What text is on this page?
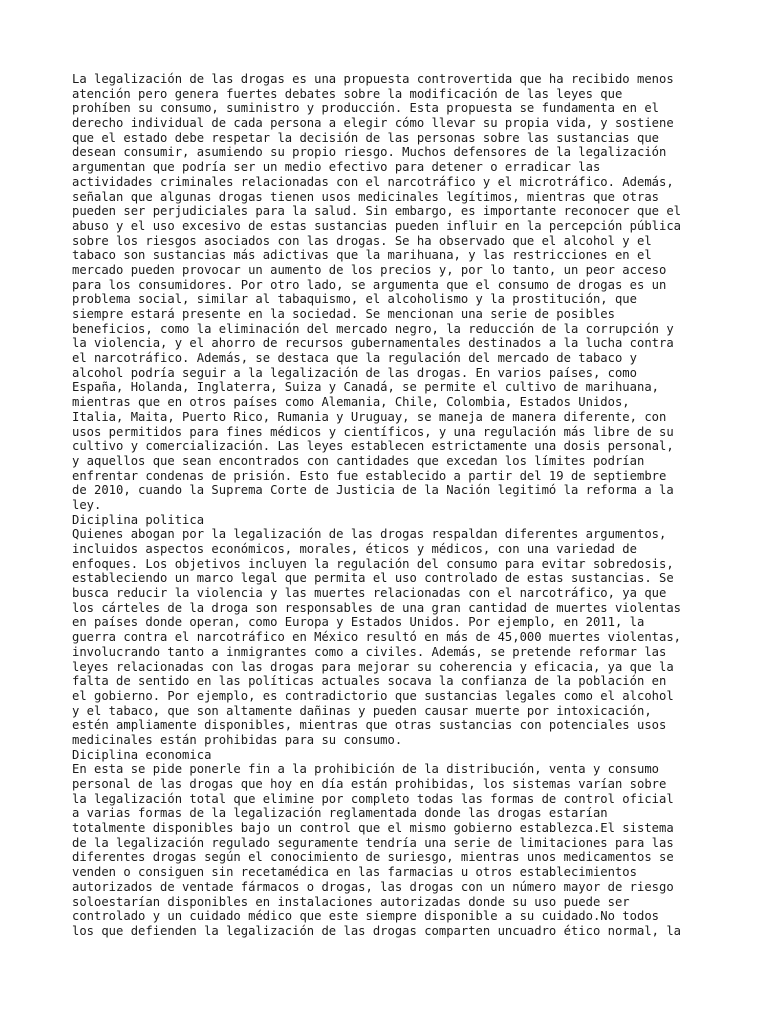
La legalización de las drogas es una propuesta controvertida que ha recibido menos
atención pero genera fuertes debates sobre la modificación de las leyes que
prohíben su consumo, suministro y producción. Esta propuesta se fundamenta en el
derecho individual de cada persona a elegir cómo llevar su propia vida, y sostiene
que el estado debe respetar la decisión de las personas sobre las sustancias que
desean consumir, asumiendo su propio riesgo. Muchos defensores de la legalización
argumentan que podría ser un medio efectivo para detener o erradicar las
actividades criminales relacionadas con el narcotráfico y el microtráfico. Además,
señalan que algunas drogas tienen usos medicinales legítimos, mientras que otras
pueden ser perjudiciales para la salud. Sin embargo, es importante reconocer que el
abuso y el uso excesivo de estas sustancias pueden influir en la percepción pública
sobre los riesgos asociados con las drogas. Se ha observado que el alcohol y el
tabaco son sustancias más adictivas que la marihuana, y las restricciones en el
mercado pueden provocar un aumento de los precios y, por lo tanto, un peor acceso
para los consumidores. Por otro lado, se argumenta que el consumo de drogas es un
problema social, similar al tabaquismo, el alcoholismo y la prostitución, que
siempre estará presente en la sociedad. Se mencionan una serie de posibles
beneficios, como la eliminación del mercado negro, la reducción de la corrupción y
la violencia, y el ahorro de recursos gubernamentales destinados a la lucha contra
el narcotráfico. Además, se destaca que la regulación del mercado de tabaco y
alcohol podría seguir a la legalización de las drogas. En varios países, como
España, Holanda, Inglaterra, Suiza y Canadá, se permite el cultivo de marihuana,
mientras que en otros países como Alemania, Chile, Colombia, Estados Unidos,
Italia, Maita, Puerto Rico, Rumania y Uruguay, se maneja de manera diferente, con
usos permitidos para fines médicos y científicos, y una regulación más libre de su
cultivo y comercialización. Las leyes establecen estrictamente una dosis personal,
y aquellos que sean encontrados con cantidades que excedan los límites podrían
enfrentar condenas de prisión. Esto fue establecido a partir del 19 de septiembre
de 2010, cuando la Suprema Corte de Justicia de la Nación legitimó la reforma a la
ley.
Diciplina politica
Quienes abogan por la legalización de las drogas respaldan diferentes argumentos,
incluidos aspectos económicos, morales, éticos y médicos, con una variedad de
enfoques. Los objetivos incluyen la regulación del consumo para evitar sobredosis,
estableciendo un marco legal que permita el uso controlado de estas sustancias. Se
busca reducir la violencia y las muertes relacionadas con el narcotráfico, ya que
los cárteles de la droga son responsables de una gran cantidad de muertes violentas
en países donde operan, como Europa y Estados Unidos. Por ejemplo, en 2011, la
guerra contra el narcotráfico en México resultó en más de 45,000 muertes violentas,
involucrando tanto a inmigrantes como a civiles. Además, se pretende reformar las
leyes relacionadas con las drogas para mejorar su coherencia y eficacia, ya que la
falta de sentido en las políticas actuales socava la confianza de la población en
el gobierno. Por ejemplo, es contradictorio que sustancias legales como el alcohol
y el tabaco, que son altamente dañinas y pueden causar muerte por intoxicación,
estén ampliamente disponibles, mientras que otras sustancias con potenciales usos
medicinales están prohibidas para su consumo.
Diciplina economica
En esta se pide ponerle fin a la prohibición de la distribución, venta y consumo
personal de las drogas que hoy en día están prohibidas, los sistemas varían sobre
la legalización total que elimine por completo todas las formas de control oficial
a varias formas de la legalización reglamentada donde las drogas estarían
totalmente disponibles bajo un control que el mismo gobierno establezca.El sistema
de la legalización regulado seguramente tendría una serie de limitaciones para las
diferentes drogas según el conocimiento de suriesgo, mientras unos medicamentos se
venden o consiguen sin recetamédica en las farmacias u otros establecimientos
autorizados de ventade fármacos o drogas, las drogas con un número mayor de riesgo
soloestarían disponibles en instalaciones autorizadas donde su uso puede ser
controlado y un cuidado médico que este siempre disponible a su cuidado.No todos
los que defienden la legalización de las drogas comparten uncuadro ético normal, la
